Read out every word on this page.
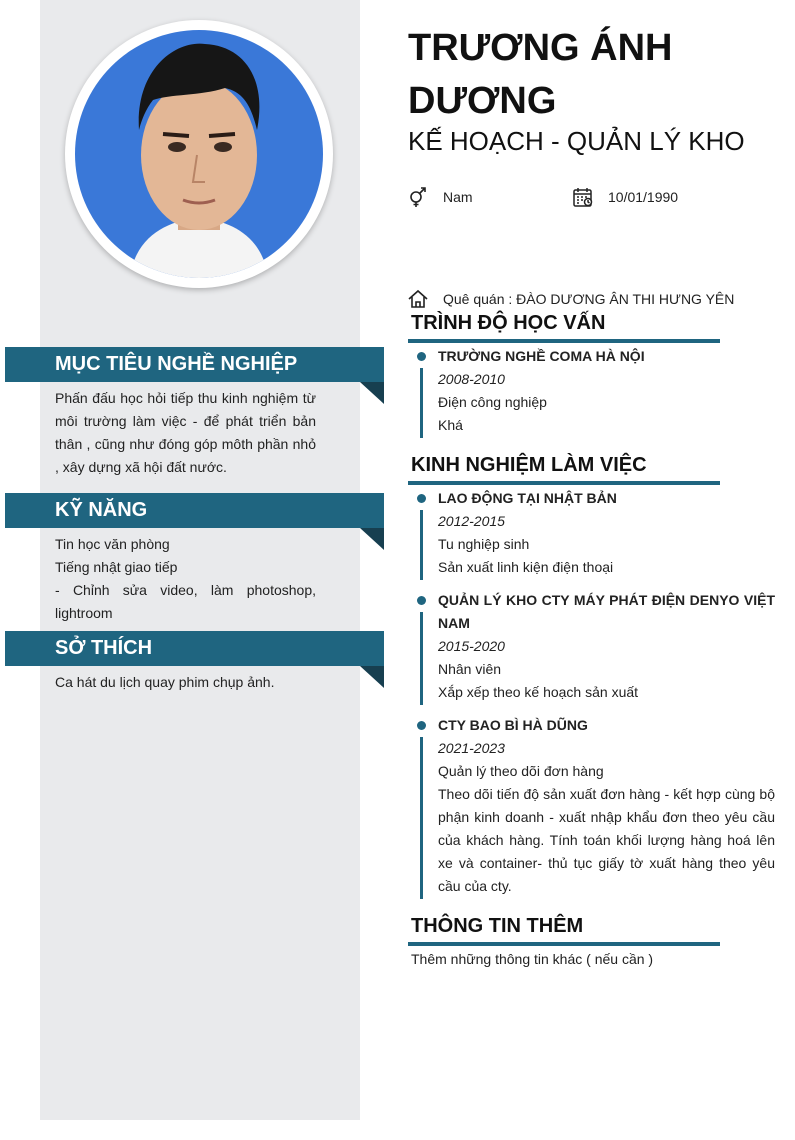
MỤC TIÊU NGHỀ NGHIỆP
Phấn đấu học hỏi tiếp thu kinh nghiệm từ môi trường làm việc - để phát triển bản thân , cũng như đóng góp môth phần nhỏ , xây dựng xã hội đất nước.
KỸ NĂNG
Tin học văn phòng
Tiếng nhật giao tiếp
- Chỉnh sửa video, làm photoshop, lightroom
SỞ THÍCH
Ca hát du lịch quay phim chụp ảnh.
TRƯƠNG ÁNH DƯƠNG
KẾ HOẠCH - QUẢN LÝ KHO
Nam	10/01/1990
Quê quán : ĐÀO DƯƠNG ÂN THI HƯNG YÊN
TRÌNH ĐỘ HỌC VẤN
TRƯỜNG NGHỀ COMA HÀ NỘI
2008-2010
Điện công nghiệp
Khá
KINH NGHIỆM LÀM VIỆC
LAO ĐỘNG TẠI NHẬT BẢN
2012-2015
Tu nghiệp sinh
Sản xuất linh kiện điện thoại
QUẢN LÝ KHO CTY MÁY PHÁT ĐIỆN DENYO VIỆT NAM
2015-2020
Nhân viên
Xắp xếp theo kế hoạch sản xuất
CTY BAO BÌ HÀ DŨNG
2021-2023
Quản lý theo dõi đơn hàng
Theo dõi tiến độ sản xuất đơn hàng - kết hợp cùng bộ phận kinh doanh - xuất nhập khẩu đơn theo yêu cầu của khách hàng. Tính toán khối lượng hàng hoá lên xe và container- thủ tục giấy tờ xuất hàng theo yêu cầu của cty.
THÔNG TIN THÊM
Thêm những thông tin khác ( nếu cần )
